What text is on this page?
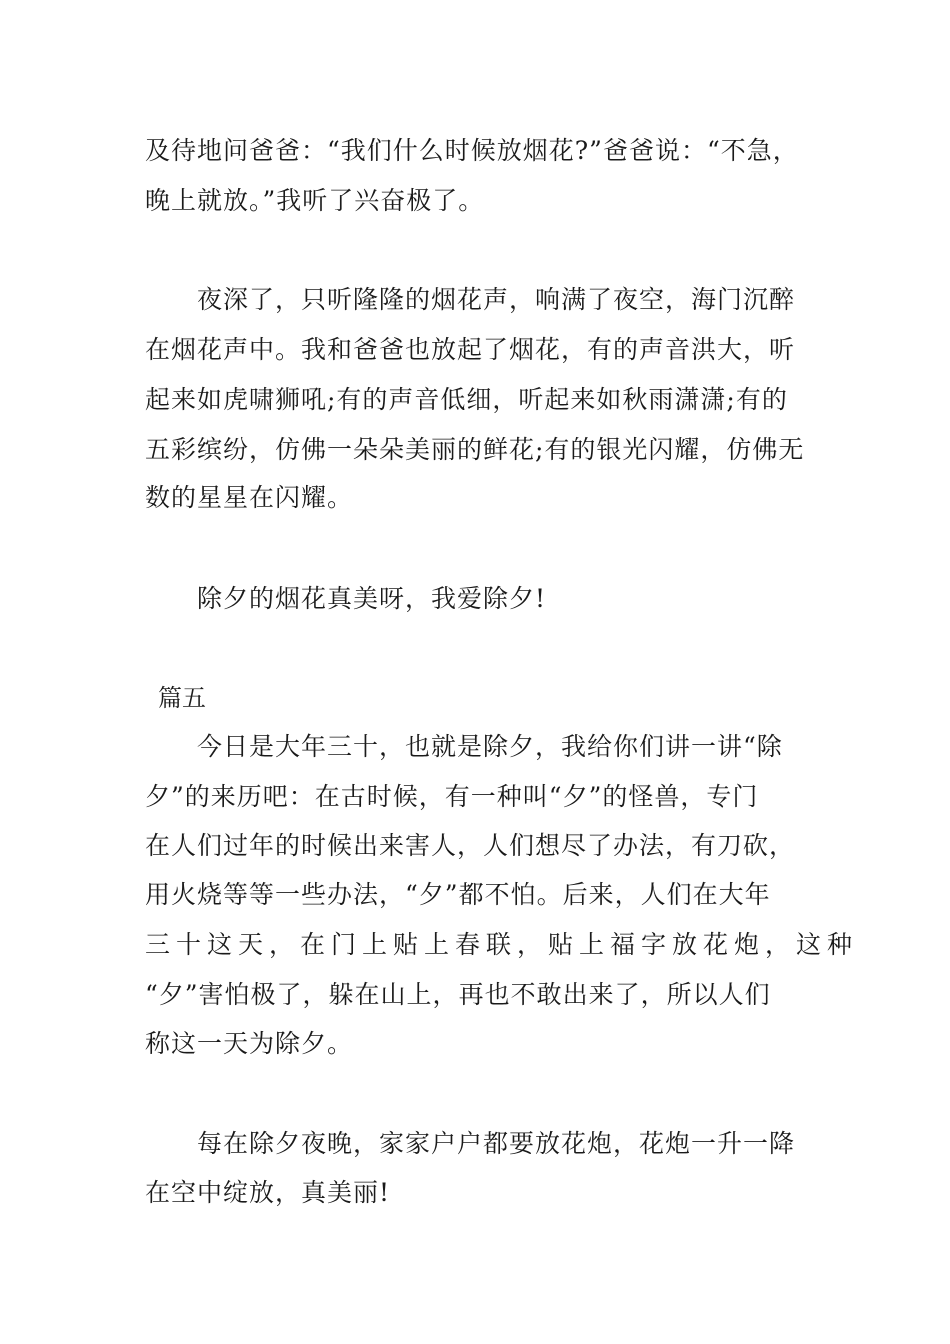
及待地问爸爸：“我们什么时候放烟花?”爸爸说：“不急，
晚上就放。”我听了兴奋极了。
夜深了，只听隆隆的烟花声，响满了夜空，海门沉醉
在烟花声中。我和爸爸也放起了烟花，有的声音洪大，听
起来如虎啸狮吼;有的声音低细，听起来如秋雨潇潇;有的
五彩缤纷，仿佛一朵朵美丽的鲜花;有的银光闪耀，仿佛无
数的星星在闪耀。
除夕的烟花真美呀，我爱除夕!
篇五
今日是大年三十，也就是除夕，我给你们讲一讲“除
夕”的来历吧：在古时候，有一种叫“夕”的怪兽，专门
在人们过年的时候出来害人，人们想尽了办法，有刀砍，
用火烧等等一些办法，“夕”都不怕。后来，人们在大年
三十这天，在门上贴上春联，贴上福字放花炮，这种
“夕”害怕极了，躲在山上，再也不敢出来了，所以人们
称这一天为除夕。
每在除夕夜晚，家家户户都要放花炮，花炮一升一降
在空中绽放，真美丽!
